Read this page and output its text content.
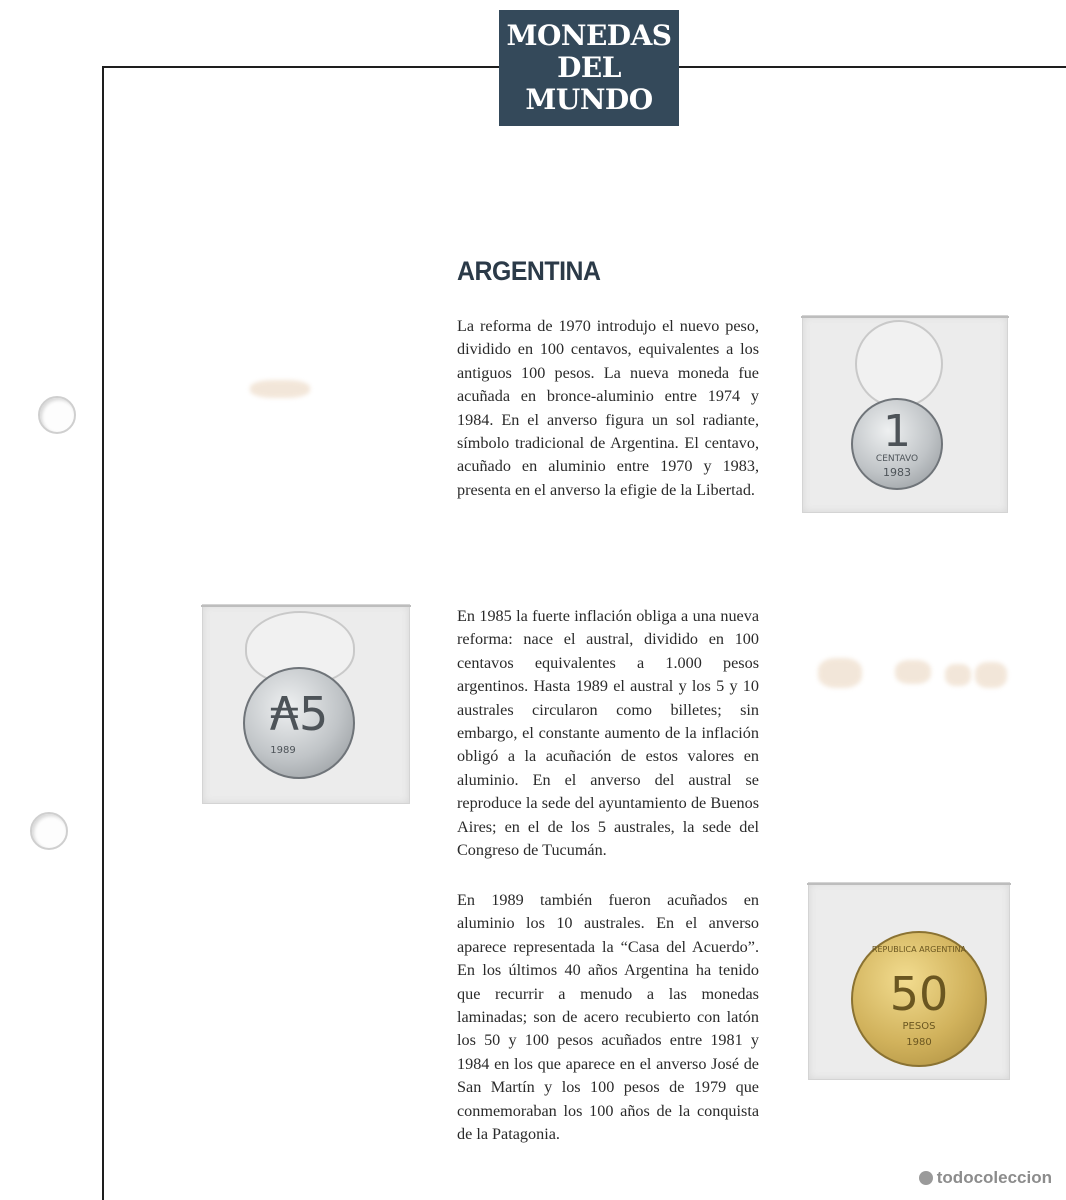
MONEDAS
DEL
MUNDO
ARGENTINA

La reforma de 1970 introdujo el nuevo peso, dividido en 100 centavos, equivalentes a los antiguos 100 pesos. La nueva moneda fue acuñada en bronce-aluminio entre 1974 y 1984. En el anverso figura un sol radiante, símbolo tradicional de Argentina. El centavo, acuñado en aluminio entre 1970 y 1983, presenta en el anverso la efigie de la Libertad.

En 1985 la fuerte inflación obliga a una nueva reforma: nace el austral, dividido en 100 centavos equivalentes a 1.000 pesos argentinos. Hasta 1989 el austral y los 5 y 10 australes circularon como billetes; sin embargo, el constante aumento de la inflación obligó a la acuñación de estos valores en aluminio. En el anverso del austral se reproduce la sede del ayuntamiento de Buenos Aires; en el de los 5 australes, la sede del Congreso de Tucumán.

En 1989 también fueron acuñados en aluminio los 10 australes. En el anverso aparece representada la “Casa del Acuerdo”. En los últimos 40 años Argentina ha tenido que recurrir a menudo a las monedas laminadas; son de acero recubierto con latón los 50 y 100 pesos acuñados entre 1981 y 1984 en los que aparece en el anverso José de San Martín y los 100 pesos de 1979 que conmemoraban los 100 años de la conquista de la Patagonia.

1
CENTAVO
1983
₳5
1989
REPUBLICA ARGENTINA
50
PESOS
1980
todocoleccion
